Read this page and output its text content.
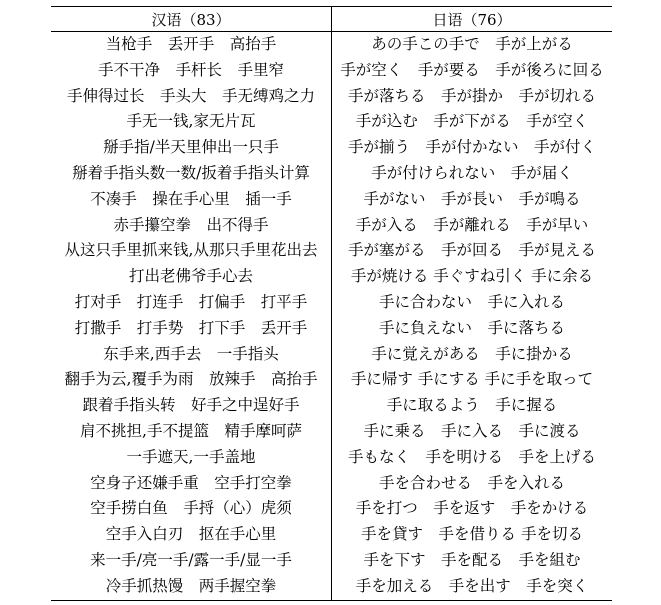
汉语（83）	日语（76）
当枪手　丢开手　高抬手	あの手この手で　手が上がる
手不干净　手杆长　手里窄	手が空く　手が要る　手が後ろに回る
手伸得过长　手头大　手无缚鸡之力	手が落ちる　手が掛か　手が切れる
手无一钱,家无片瓦	手が込む　手が下がる　手が空く
掰手指/半天里伸出一只手	手が揃う　手が付かない　手が付く
掰着手指头数一数/扳着手指头计算	手が付けられない　手が届く
不凑手　操在手心里　插一手	手がない　手が長い　手が鳴る
赤手攥空拳　出不得手	手が入る　手が離れる　手が早い
从这只手里抓来钱,从那只手里花出去	手が塞がる　手が回る　手が見える
打出老佛爷手心去	手が焼ける 手ぐすね引く 手に余る
打对手　打连手　打偏手　打平手	手に合わない　手に入れる
打撒手　打手势　打下手　丢开手	手に負えない　手に落ちる
东手来,西手去　一手指头	手に覚えがある　手に掛かる
翻手为云,覆手为雨　放辣手　高抬手	手に帰す 手にする 手に手を取って
跟着手指头转　好手之中逞好手	手に取るよう　手に握る
肩不挑担,手不提篮　精手摩呵萨	手に乗る　手に入る　手に渡る
一手遮天,一手盖地	手もなく　手を明ける　手を上げる
空身子还嫌手重　空手打空拳	手を合わせる　手を入れる
空手捞白鱼　手捋（心）虎须	手を打つ　手を返す　手をかける
空手入白刃　抠在手心里	手を貸す　手を借りる 手を切る
来一手/亮一手/露一手/显一手	手を下す　手を配る　手を組む
冷手抓热馒　两手握空拳	手を加える　手を出す　手を突く
